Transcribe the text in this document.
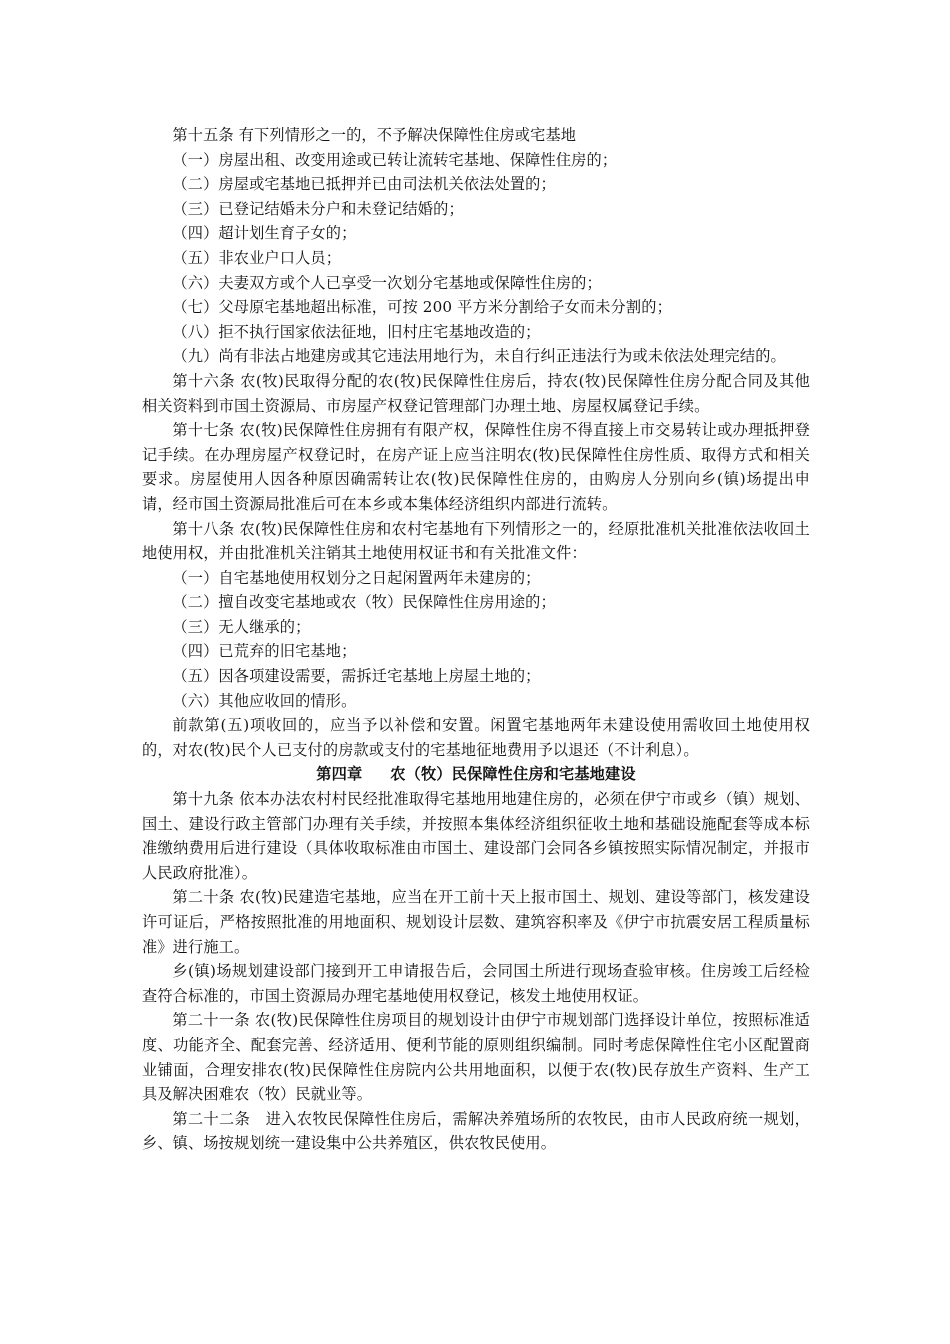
第十五条 有下列情形之一的，不予解决保障性住房或宅基地

（一）房屋出租、改变用途或已转让流转宅基地、保障性住房的；

（二）房屋或宅基地已抵押并已由司法机关依法处置的；

（三）已登记结婚未分户和未登记结婚的；

（四）超计划生育子女的；

（五）非农业户口人员；

（六）夫妻双方或个人已享受一次划分宅基地或保障性住房的；

（七）父母原宅基地超出标准，可按 200 平方米分割给子女而未分割的；

（八）拒不执行国家依法征地，旧村庄宅基地改造的；

（九）尚有非法占地建房或其它违法用地行为，未自行纠正违法行为或未依法处理完结的。

第十六条 农(牧)民取得分配的农(牧)民保障性住房后，持农(牧)民保障性住房分配合同及其他相关资料到市国土资源局、市房屋产权登记管理部门办理土地、房屋权属登记手续。

第十七条 农(牧)民保障性住房拥有有限产权，保障性住房不得直接上市交易转让或办理抵押登记手续。在办理房屋产权登记时，在房产证上应当注明农(牧)民保障性住房性质、取得方式和相关要求。房屋使用人因各种原因确需转让农(牧)民保障性住房的，由购房人分别向乡(镇)场提出申请，经市国土资源局批准后可在本乡或本集体经济组织内部进行流转。

第十八条 农(牧)民保障性住房和农村宅基地有下列情形之一的，经原批准机关批准依法收回土地使用权，并由批准机关注销其土地使用权证书和有关批准文件：

（一）自宅基地使用权划分之日起闲置两年未建房的；

（二）擅自改变宅基地或农（牧）民保障性住房用途的；

（三）无人继承的；

（四）已荒弃的旧宅基地；

（五）因各项建设需要，需拆迁宅基地上房屋土地的；

（六）其他应收回的情形。

前款第(五)项收回的，应当予以补偿和安置。闲置宅基地两年未建设使用需收回土地使用权的，对农(牧)民个人已支付的房款或支付的宅基地征地费用予以退还（不计利息）。

第四章 农（牧）民保障性住房和宅基地建设

第十九条 依本办法农村村民经批准取得宅基地用地建住房的，必须在伊宁市或乡（镇）规划、国土、建设行政主管部门办理有关手续，并按照本集体经济组织征收土地和基础设施配套等成本标准缴纳费用后进行建设（具体收取标准由市国土、建设部门会同各乡镇按照实际情况制定，并报市人民政府批准）。

第二十条 农(牧)民建造宅基地，应当在开工前十天上报市国土、规划、建设等部门，核发建设许可证后，严格按照批准的用地面积、规划设计层数、建筑容积率及《伊宁市抗震安居工程质量标准》进行施工。

乡(镇)场规划建设部门接到开工申请报告后，会同国土所进行现场查验审核。住房竣工后经检查符合标准的，市国土资源局办理宅基地使用权登记，核发土地使用权证。

第二十一条 农(牧)民保障性住房项目的规划设计由伊宁市规划部门选择设计单位，按照标准适度、功能齐全、配套完善、经济适用、便利节能的原则组织编制。同时考虑保障性住宅小区配置商业铺面，合理安排农(牧)民保障性住房院内公共用地面积，以便于农(牧)民存放生产资料、生产工具及解决困难农（牧）民就业等。

第二十二条　进入农牧民保障性住房后，需解决养殖场所的农牧民，由市人民政府统一规划，乡、镇、场按规划统一建设集中公共养殖区，供农牧民使用。
